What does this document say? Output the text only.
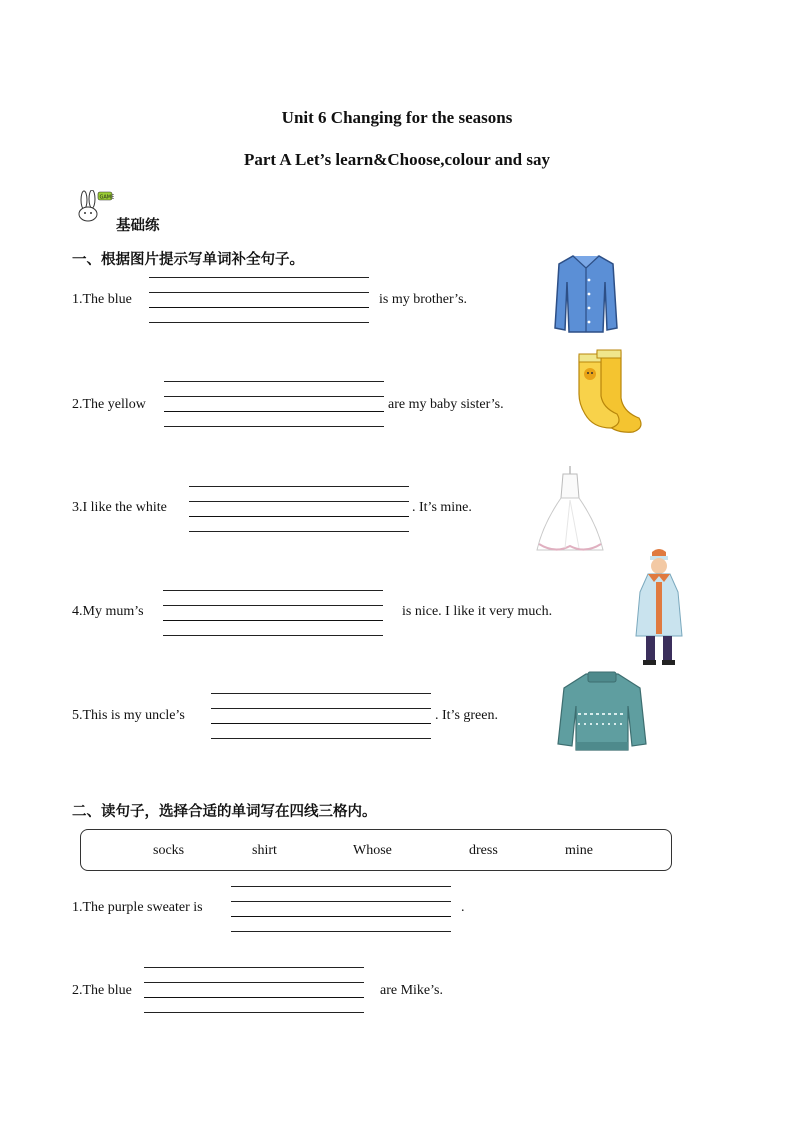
Unit 6 Changing for the seasons
Part A Let’s learn&Choose,colour and say
GAME
基础练
一、根据图片提示写单词补全句子。
1.The blue	is my brother’s.
2.The yellow	are my baby sister’s.
3.I like the white	. It’s mine.
4.My mum’s	is nice. I like it very much.
5.This is my uncle’s	. It’s green.
二、读句子，选择合适的单词写在四线三格内。
socks	shirt	Whose	dress	mine
1.The purple sweater is	.
2.The blue	are Mike’s.
